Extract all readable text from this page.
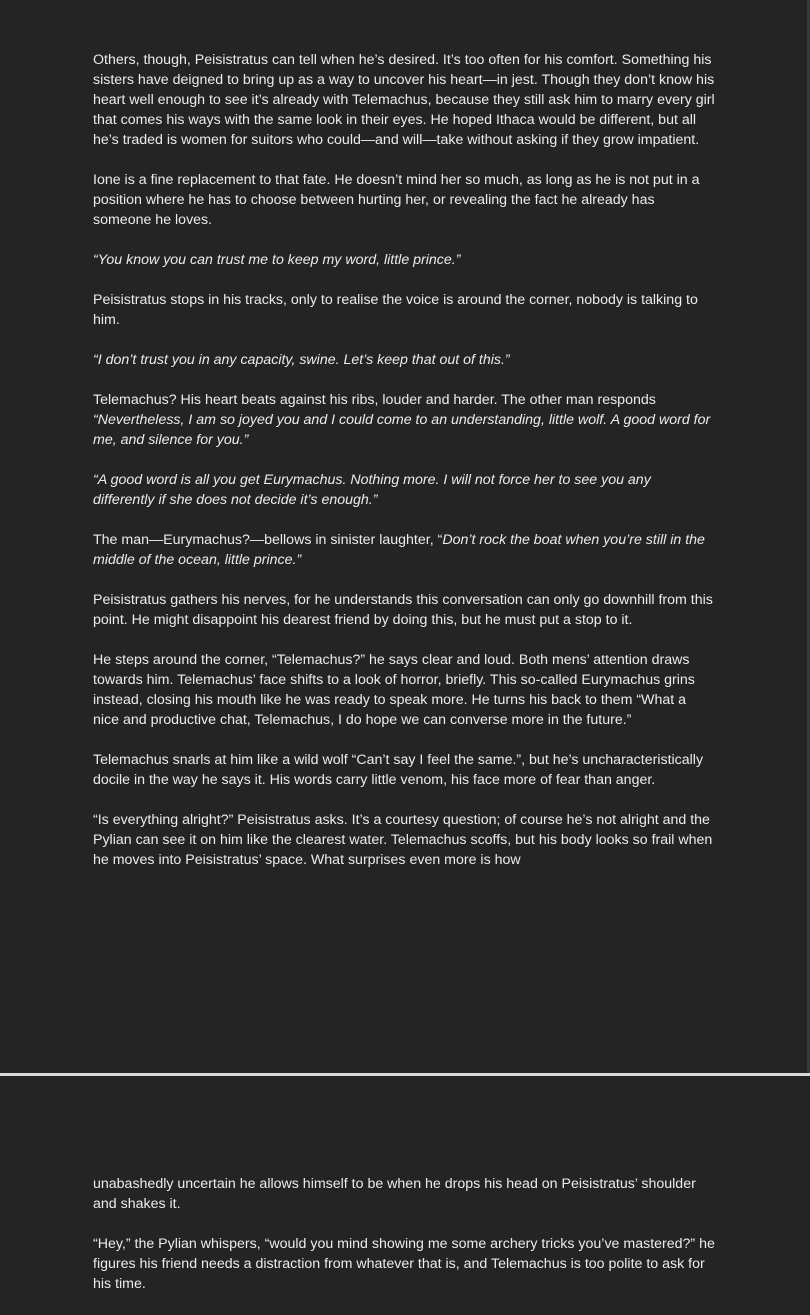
Others, though, Peisistratus can tell when he’s desired. It’s too often for his comfort. Something his sisters have deigned to bring up as a way to uncover his heart—in jest. Though they don’t know his heart well enough to see it’s already with Telemachus, because they still ask him to marry every girl that comes his ways with the same look in their eyes. He hoped Ithaca would be different, but all he’s traded is women for suitors who could—and will—take without asking if they grow impatient.

Ione is a fine replacement to that fate. He doesn’t mind her so much, as long as he is not put in a position where he has to choose between hurting her, or revealing the fact he already has someone he loves.

“You know you can trust me to keep my word, little prince.”

Peisistratus stops in his tracks, only to realise the voice is around the corner, nobody is talking to him.

“I don’t trust you in any capacity, swine. Let’s keep that out of this.”

Telemachus? His heart beats against his ribs, louder and harder. The other man responds “Nevertheless, I am so joyed you and I could come to an understanding, little wolf. A good word for me, and silence for you.”

“A good word is all you get Eurymachus. Nothing more. I will not force her to see you any differently if she does not decide it’s enough.”

The man—Eurymachus?—bellows in sinister laughter, “Don’t rock the boat when you’re still in the middle of the ocean, little prince.”

Peisistratus gathers his nerves, for he understands this conversation can only go downhill from this point. He might disappoint his dearest friend by doing this, but he must put a stop to it.

He steps around the corner, “Telemachus?” he says clear and loud. Both mens’ attention draws towards him. Telemachus’ face shifts to a look of horror, briefly. This so-called Eurymachus grins instead, closing his mouth like he was ready to speak more. He turns his back to them “What a nice and productive chat, Telemachus, I do hope we can converse more in the future.”

Telemachus snarls at him like a wild wolf “Can’t say I feel the same.”, but he’s uncharacteristically docile in the way he says it. His words carry little venom, his face more of fear than anger.

“Is everything alright?” Peisistratus asks. It’s a courtesy question; of course he’s not alright and the Pylian can see it on him like the clearest water. Telemachus scoffs, but his body looks so frail when he moves into Peisistratus’ space. What surprises even more is how

unabashedly uncertain he allows himself to be when he drops his head on Peisistratus’ shoulder and shakes it.

“Hey,” the Pylian whispers, “would you mind showing me some archery tricks you’ve mastered?” he figures his friend needs a distraction from whatever that is, and Telemachus is too polite to ask for his time.
